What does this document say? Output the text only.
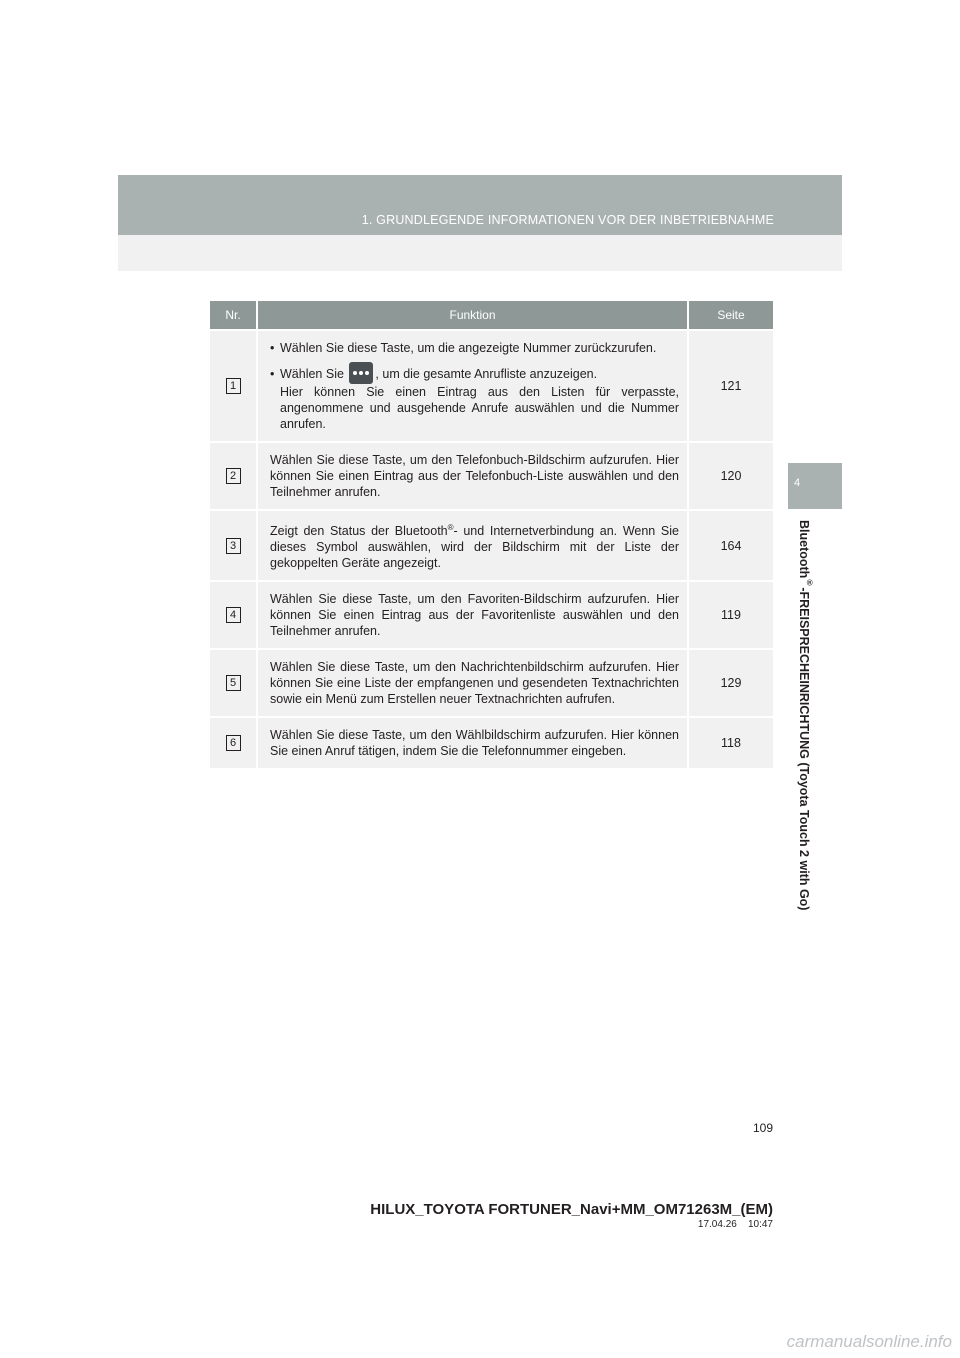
1. GRUNDLEGENDE INFORMATIONEN VOR DER INBETRIEBNAHME
4
Bluetooth®-FREISPRECHEINRICHTUNG (Toyota Touch 2 with Go)
Nr.	Funktion	Seite
1	• Wählen Sie diese Taste, um die angezeigte Nummer zurückzurufen.
• Wählen Sie , um die gesamte Anrufliste anzuzeigen.
Hier können Sie einen Eintrag aus den Listen für verpasste, angenommene und ausgehende Anrufe auswählen und die Nummer anrufen.	121
2	Wählen Sie diese Taste, um den Telefonbuch-Bildschirm aufzurufen. Hier können Sie einen Eintrag aus der Telefonbuch-Liste auswählen und den Teilnehmer anrufen.	120
3	Zeigt den Status der Bluetooth®- und Internetverbindung an. Wenn Sie dieses Symbol auswählen, wird der Bildschirm mit der Liste der gekoppelten Geräte angezeigt.	164
4	Wählen Sie diese Taste, um den Favoriten-Bildschirm aufzurufen. Hier können Sie einen Eintrag aus der Favoritenliste auswählen und den Teilnehmer anrufen.	119
5	Wählen Sie diese Taste, um den Nachrichtenbildschirm aufzurufen. Hier können Sie eine Liste der empfangenen und gesendeten Textnachrichten sowie ein Menü zum Erstellen neuer Textnachrichten aufrufen.	129
6	Wählen Sie diese Taste, um den Wählbildschirm aufzurufen. Hier können Sie einen Anruf tätigen, indem Sie die Telefonnummer eingeben.	118
109
HILUX_TOYOTA FORTUNER_Navi+MM_OM71263M_(EM)
17.04.26 10:47
carmanualsonline.info
